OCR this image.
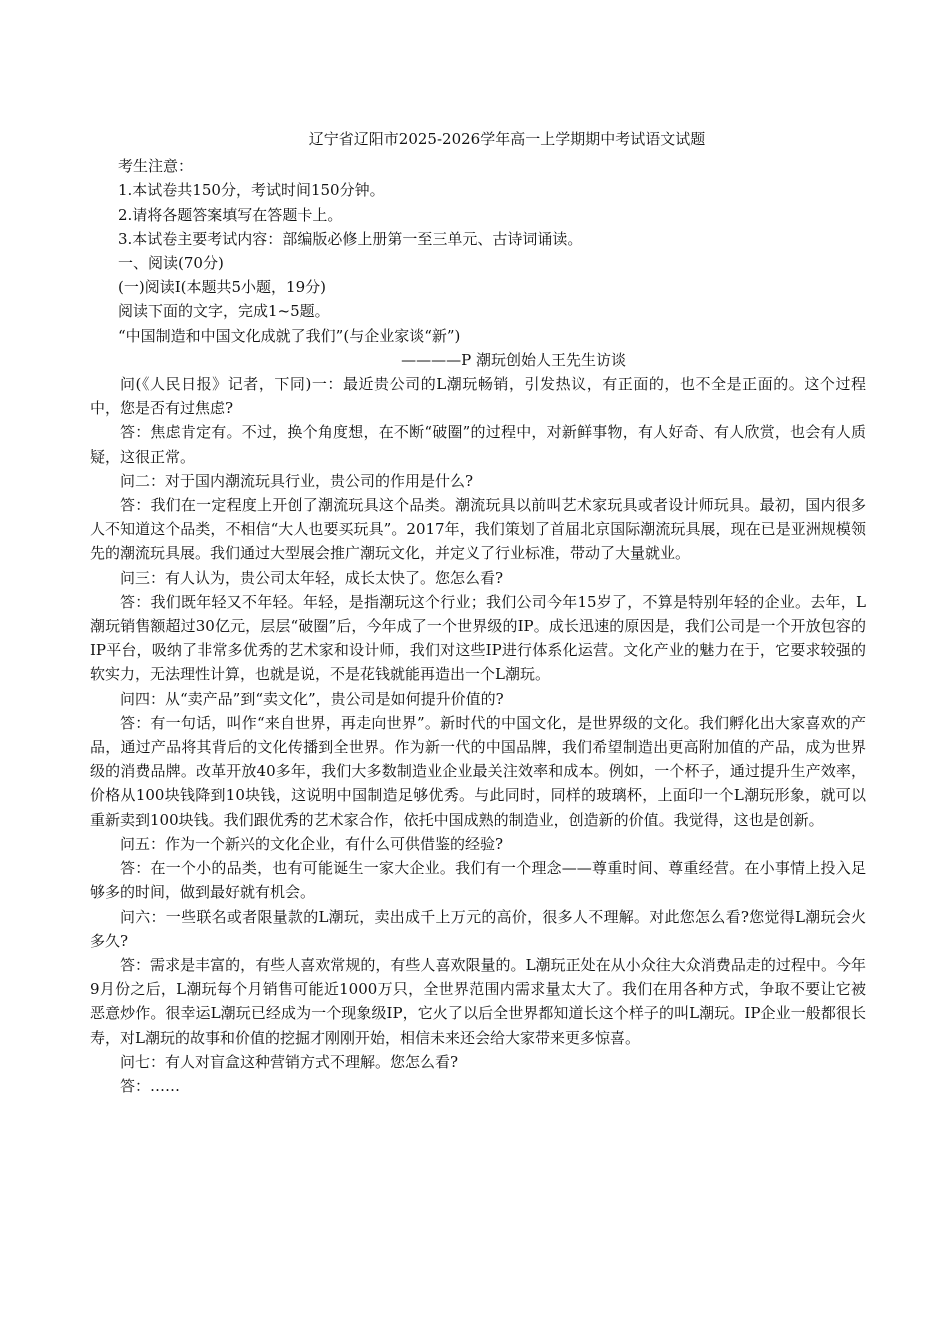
辽宁省辽阳市2025-2026学年高一上学期期中考试语文试题

考生注意：

1.本试卷共150分，考试时间150分钟。

2.请将各题答案填写在答题卡上。

3.本试卷主要考试内容：部编版必修上册第一至三单元、古诗词诵读。

一、阅读(70分)

(一)阅读Ⅰ(本题共5小题，19分)

阅读下面的文字，完成1~5题。

“中国制造和中国文化成就了我们”(与企业家谈“新”)

————P 潮玩创始人王先生访谈

问(《人民日报》记者，下同)一：最近贵公司的L潮玩畅销，引发热议，有正面的，也不全是正面的。这个过程中，您是否有过焦虑?

答：焦虑肯定有。不过，换个角度想，在不断“破圈”的过程中，对新鲜事物，有人好奇、有人欣赏，也会有人质疑，这很正常。

问二：对于国内潮流玩具行业，贵公司的作用是什么?

答：我们在一定程度上开创了潮流玩具这个品类。潮流玩具以前叫艺术家玩具或者设计师玩具。最初，国内很多人不知道这个品类，不相信“大人也要买玩具”。2017年，我们策划了首届北京国际潮流玩具展，现在已是亚洲规模领先的潮流玩具展。我们通过大型展会推广潮玩文化，并定义了行业标准，带动了大量就业。

问三：有人认为，贵公司太年轻，成长太快了。您怎么看?

答：我们既年轻又不年轻。年轻，是指潮玩这个行业；我们公司今年15岁了，不算是特别年轻的企业。去年，L潮玩销售额超过30亿元，层层“破圈”后，今年成了一个世界级的IP。成长迅速的原因是，我们公司是一个开放包容的IP平台，吸纳了非常多优秀的艺术家和设计师，我们对这些IP进行体系化运营。文化产业的魅力在于，它要求较强的软实力，无法理性计算，也就是说，不是花钱就能再造出一个L潮玩。

问四：从“卖产品”到“卖文化”，贵公司是如何提升价值的?

答：有一句话，叫作“来自世界，再走向世界”。新时代的中国文化，是世界级的文化。我们孵化出大家喜欢的产品，通过产品将其背后的文化传播到全世界。作为新一代的中国品牌，我们希望制造出更高附加值的产品，成为世界级的消费品牌。改革开放40多年，我们大多数制造业企业最关注效率和成本。例如，一个杯子，通过提升生产效率，价格从100块钱降到10块钱，这说明中国制造足够优秀。与此同时，同样的玻璃杯，上面印一个L潮玩形象，就可以重新卖到100块钱。我们跟优秀的艺术家合作，依托中国成熟的制造业，创造新的价值。我觉得，这也是创新。

问五：作为一个新兴的文化企业，有什么可供借鉴的经验?

答：在一个小的品类，也有可能诞生一家大企业。我们有一个理念——尊重时间、尊重经营。在小事情上投入足够多的时间，做到最好就有机会。

问六：一些联名或者限量款的L潮玩，卖出成千上万元的高价，很多人不理解。对此您怎么看?您觉得L潮玩会火多久?

答：需求是丰富的，有些人喜欢常规的，有些人喜欢限量的。L潮玩正处在从小众往大众消费品走的过程中。今年9月份之后，L潮玩每个月销售可能近1000万只，全世界范围内需求量太大了。我们在用各种方式，争取不要让它被恶意炒作。很幸运L潮玩已经成为一个现象级IP，它火了以后全世界都知道长这个样子的叫L潮玩。IP企业一般都很长寿，对L潮玩的故事和价值的挖掘才刚刚开始，相信未来还会给大家带来更多惊喜。

问七：有人对盲盒这种营销方式不理解。您怎么看?

答：……
